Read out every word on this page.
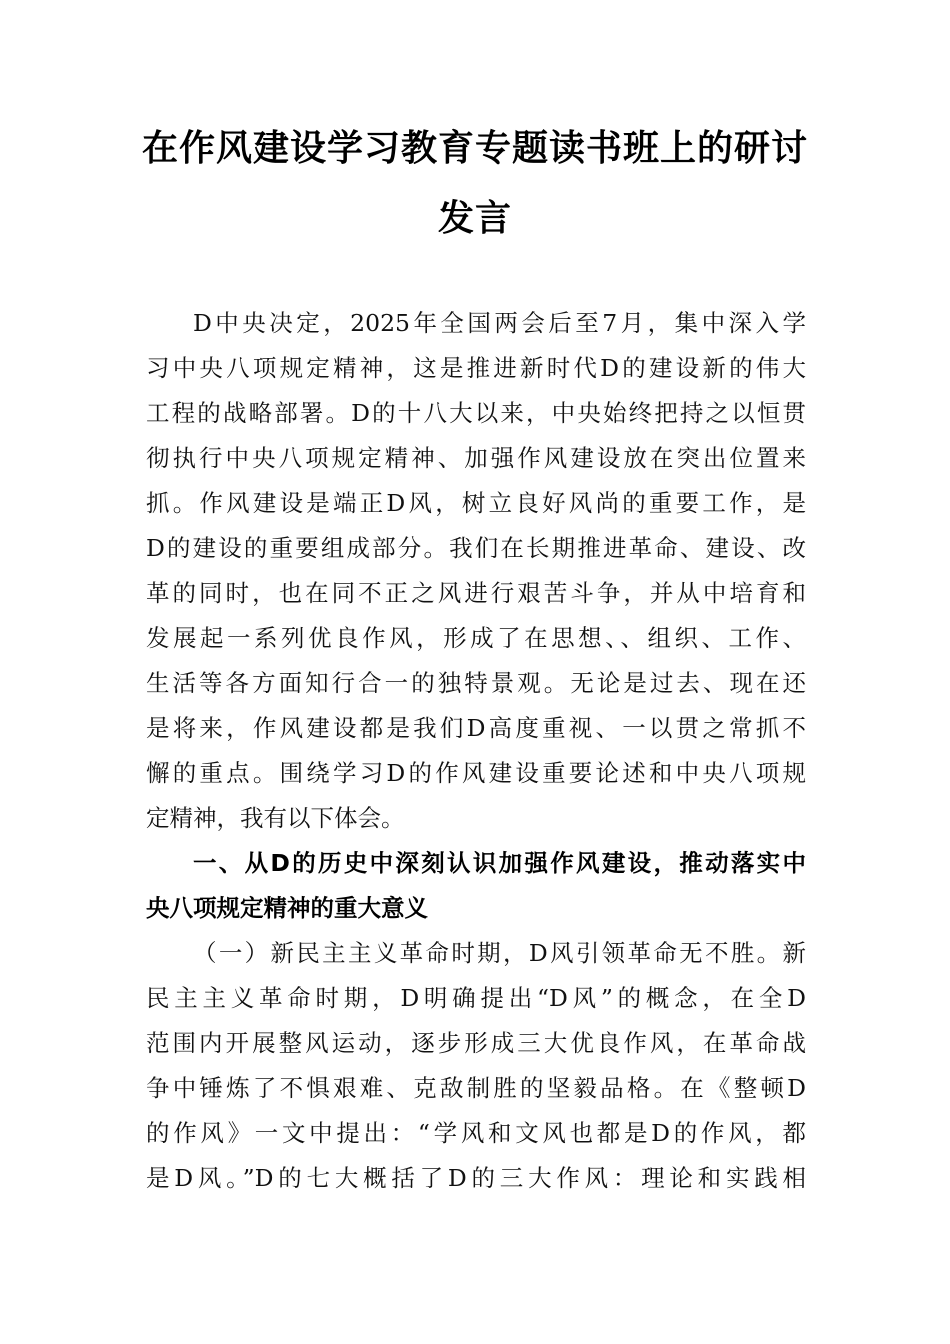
在作风建设学习教育专题读书班上的研讨
发言
D中央决定，2025年全国两会后至7月，集中深入学
习中央八项规定精神，这是推进新时代D的建设新的伟大
工程的战略部署。D的十八大以来，中央始终把持之以恒贯
彻执行中央八项规定精神、加强作风建设放在突出位置来
抓。作风建设是端正D风，树立良好风尚的重要工作，是
D的建设的重要组成部分。我们在长期推进革命、建设、改
革的同时，也在同不正之风进行艰苦斗争，并从中培育和
发展起一系列优良作风，形成了在思想、、组织、工作、
生活等各方面知行合一的独特景观。无论是过去、现在还
是将来，作风建设都是我们D高度重视、一以贯之常抓不
懈的重点。围绕学习D的作风建设重要论述和中央八项规
定精神，我有以下体会。
一、从D的历史中深刻认识加强作风建设，推动落实中
央八项规定精神的重大意义
（一）新民主主义革命时期，D风引领革命无不胜。新
民主主义革命时期，D明确提出“D风”的概念，在全D
范围内开展整风运动，逐步形成三大优良作风，在革命战
争中锤炼了不惧艰难、克敌制胜的坚毅品格。在《整顿D
的作风》一文中提出：“学风和文风也都是D的作风，都
是D风。”D的七大概括了D的三大作风：理论和实践相
